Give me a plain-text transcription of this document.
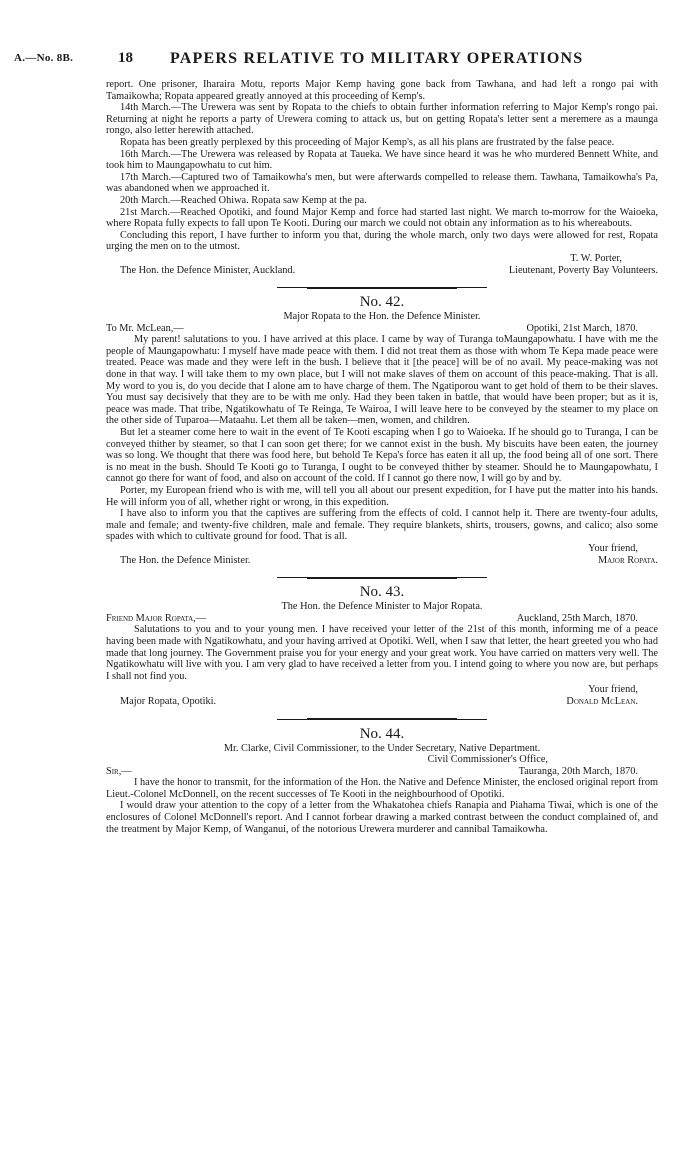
A.—No. 8B.	18 PAPERS RELATIVE TO MILITARY OPERATIONS

report. One prisoner, Iharaira Motu, reports Major Kemp having gone back from Tawhana, and had left a rongo pai with Tamaikowha; Ropata appeared greatly annoyed at this proceeding of Kemp's.

14th March.—The Urewera was sent by Ropata to the chiefs to obtain further information referring to Major Kemp's rongo pai. Returning at night he reports a party of Urewera coming to attack us, but on getting Ropata's letter sent a meremere as a maunga rongo, also letter herewith attached.

Ropata has been greatly perplexed by this proceeding of Major Kemp's, as all his plans are frustrated by the false peace.

16th March.—The Urewera was released by Ropata at Taueka. We have since heard it was he who murdered Bennett White, and took him to Maungapowhatu to cut him.

17th March.—Captured two of Tamaikowha's men, but were afterwards compelled to release them. Tawhana, Tamaikowha's Pa, was abandoned when we approached it.

20th March.—Reached Ohiwa. Ropata saw Kemp at the pa.

21st March.—Reached Opotiki, and found Major Kemp and force had started last night. We march to-morrow for the Waioeka, where Ropata fully expects to fall upon Te Kooti. During our march we could not obtain any information as to his whereabouts.

Concluding this report, I have further to inform you that, during the whole march, only two days were allowed for rest, Ropata urging the men on to the utmost.

T. W. Porter,

The Hon. the Defence Minister, Auckland.	Lieutenant, Poverty Bay Volunteers.
No. 42.

Major Ropata to the Hon. the Defence Minister.

To Mr. McLean,—	Opotiki, 21st March, 1870.

My parent! salutations to you. I have arrived at this place. I came by way of Turanga toMaungapowhatu. I have with me the people of Maungapowhatu: I myself have made peace with them. I did not treat them as those with whom Te Kepa made peace were treated. Peace was made and they were left in the bush. I believe that it [the peace] will be of no avail. My peace-making was not done in that way. I will take them to my own place, but I will not make slaves of them on account of this peace-making. That is all. My word to you is, do you decide that I alone am to have charge of them. The Ngatiporou want to get hold of them to be their slaves. You must say decisively that they are to be with me only. Had they been taken in battle, that would have been proper; but as it is, peace was made. That tribe, Ngatikowhatu of Te Reinga, Te Wairoa, I will leave here to be conveyed by the steamer to my place on the other side of Tuparoa—Mataahu. Let them all be taken—men, women, and children.

But let a steamer come here to wait in the event of Te Kooti escaping when I go to Waioeka. If he should go to Turanga, I can be conveyed thither by steamer, so that I can soon get there; for we cannot exist in the bush. My biscuits have been eaten, the journey was so long. We thought that there was food here, but behold Te Kepa's force has eaten it all up, the food being all of one sort. There is no meat in the bush. Should Te Kooti go to Turanga, I ought to be conveyed thither by steamer. Should he to Maungapowhatu, I cannot go there for want of food, and also on account of the cold. If I cannot go there now, I will go by and by.

Porter, my European friend who is with me, will tell you all about our present expedition, for I have put the matter into his hands. He will inform you of all, whether right or wrong, in this expedition.

I have also to inform you that the captives are suffering from the effects of cold. I cannot help it. There are twenty-four adults, male and female; and twenty-five children, male and female. They require blankets, shirts, trousers, gowns, and calico; also some spades with which to cultivate ground for food. That is all.

Your friend,

The Hon. the Defence Minister.	Major Ropata.
No. 43.

The Hon. the Defence Minister to Major Ropata.

Friend Major Ropata,—	Auckland, 25th March, 1870.

Salutations to you and to your young men. I have received your letter of the 21st of this month, informing me of a peace having been made with Ngatikowhatu, and your having arrived at Opotiki. Well, when I saw that letter, the heart greeted you who had made that long journey. The Government praise you for your energy and your great work. You have carried on matters very well. The Ngatikowhatu will live with you. I am very glad to have received a letter from you. I intend going to where you now are, but perhaps I shall not find you.

Your friend,

Major Ropata, Opotiki.	Donald McLean.
No. 44.

Mr. Clarke, Civil Commissioner, to the Under Secretary, Native Department.

Civil Commissioner's Office,

Sir,—	Tauranga, 20th March, 1870.

I have the honor to transmit, for the information of the Hon. the Native and Defence Minister, the enclosed original report from Lieut.-Colonel McDonnell, on the recent successes of Te Kooti in the neighbourhood of Opotiki.

I would draw your attention to the copy of a letter from the Whakatohea chiefs Ranapia and Piahama Tiwai, which is one of the enclosures of Colonel McDonnell's report. And I cannot forbear drawing a marked contrast between the conduct complained of, and the treatment by Major Kemp, of Wanganui, of the notorious Urewera murderer and cannibal Tamaikowha.
